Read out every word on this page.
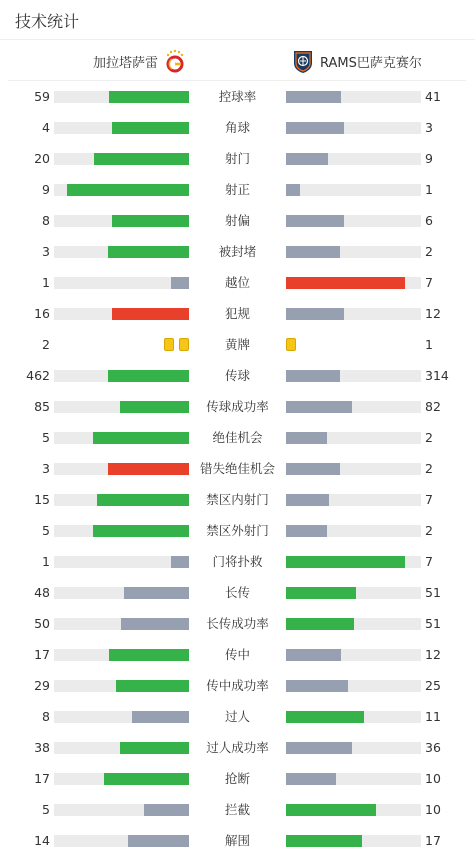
技术统计
加拉塔萨雷	RAMS巴萨克赛尔
59	控球率	41
4	角球	3
20	射门	9
9	射正	1
8	射偏	6
3	被封堵	2
1	越位	7
16	犯规	12
2	黄牌	1
462	传球	314
85	传球成功率	82
5	绝佳机会	2
3	错失绝佳机会	2
15	禁区内射门	7
5	禁区外射门	2
1	门将扑救	7
48	长传	51
50	长传成功率	51
17	传中	12
29	传中成功率	25
8	过人	11
38	过人成功率	36
17	抢断	10
5	拦截	10
14	解围	17
